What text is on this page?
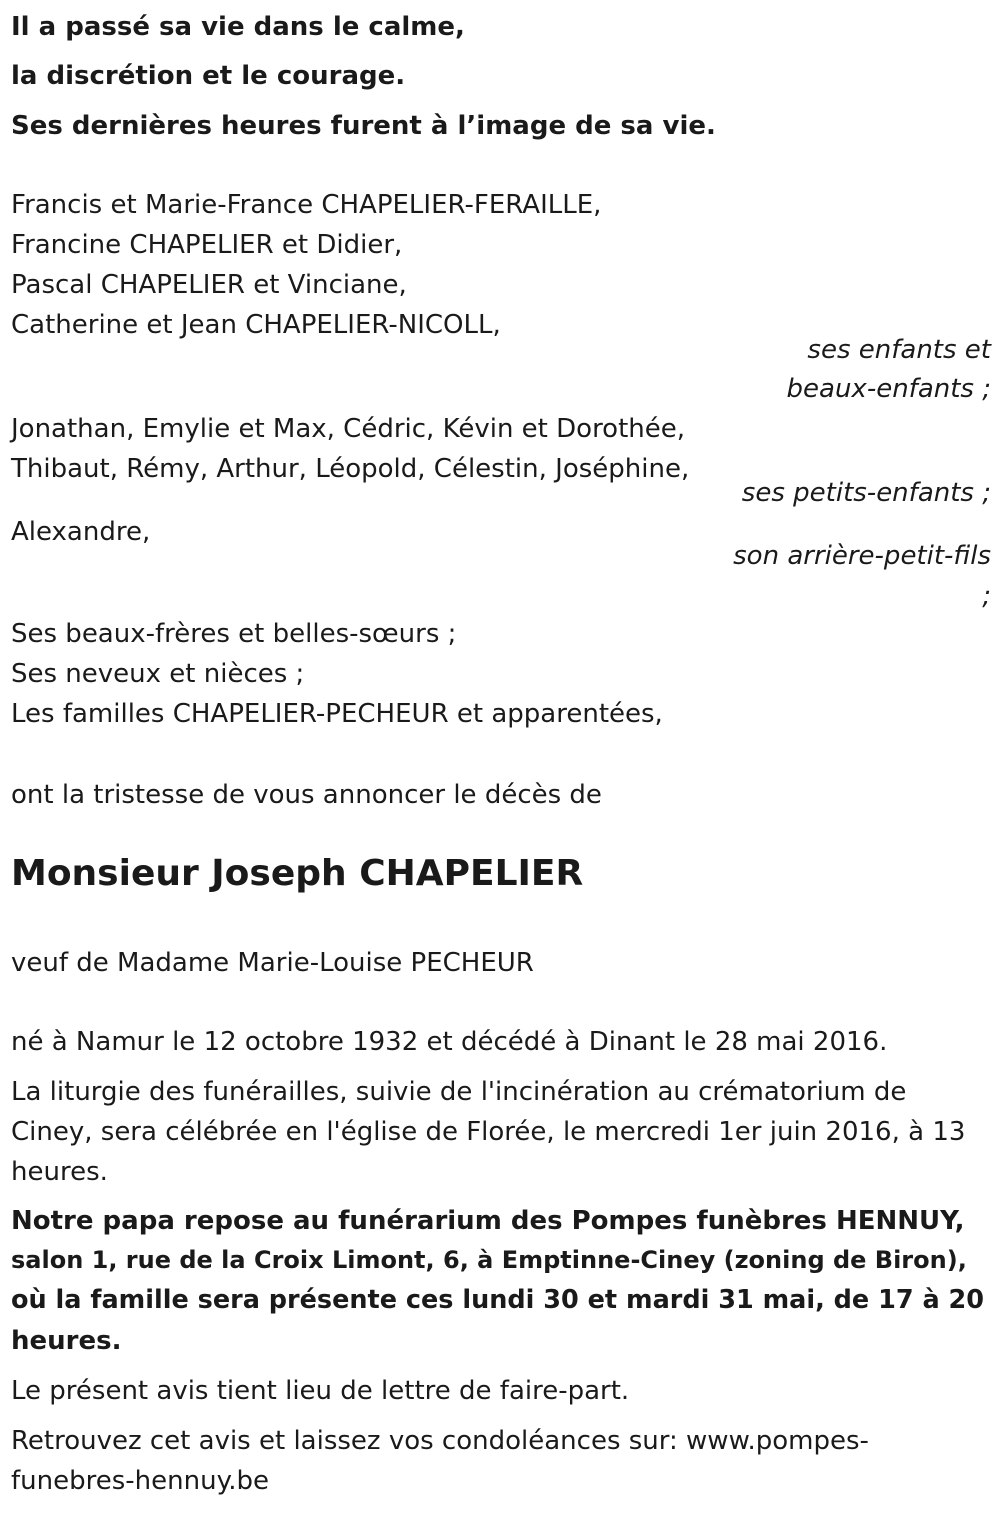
Il a passé sa vie dans le calme,
la discrétion et le courage.
Ses dernières heures furent à l’image de sa vie.
Francis et Marie-France CHAPELIER-FERAILLE,
Francine CHAPELIER et Didier,
Pascal CHAPELIER et Vinciane,
Catherine et Jean CHAPELIER-NICOLL,
ses enfants et
beaux-enfants ;
Jonathan, Emylie et Max, Cédric, Kévin et Dorothée,
Thibaut, Rémy, Arthur, Léopold, Célestin, Joséphine,
ses petits-enfants ;
Alexandre,
son arrière-petit-fils
;
Ses beaux-frères et belles-sœurs ;
Ses neveux et nièces ;
Les familles CHAPELIER-PECHEUR et apparentées,
ont la tristesse de vous annoncer le décès de
Monsieur Joseph CHAPELIER
veuf de Madame Marie-Louise PECHEUR
né à Namur le 12 octobre 1932 et décédé à Dinant le 28 mai 2016.
La liturgie des funérailles, suivie de l'incinération au crématorium de
Ciney, sera célébrée en l'église de Florée, le mercredi 1er juin 2016, à 13
heures.
Notre papa repose au funérarium des Pompes funèbres HENNUY,
salon 1, rue de la Croix Limont, 6, à Emptinne-Ciney (zoning de Biron),
où la famille sera présente ces lundi 30 et mardi 31 mai, de 17 à 20
heures.
Le présent avis tient lieu de lettre de faire-part.
Retrouvez cet avis et laissez vos condoléances sur: www.pompes-
funebres-hennuy.be
